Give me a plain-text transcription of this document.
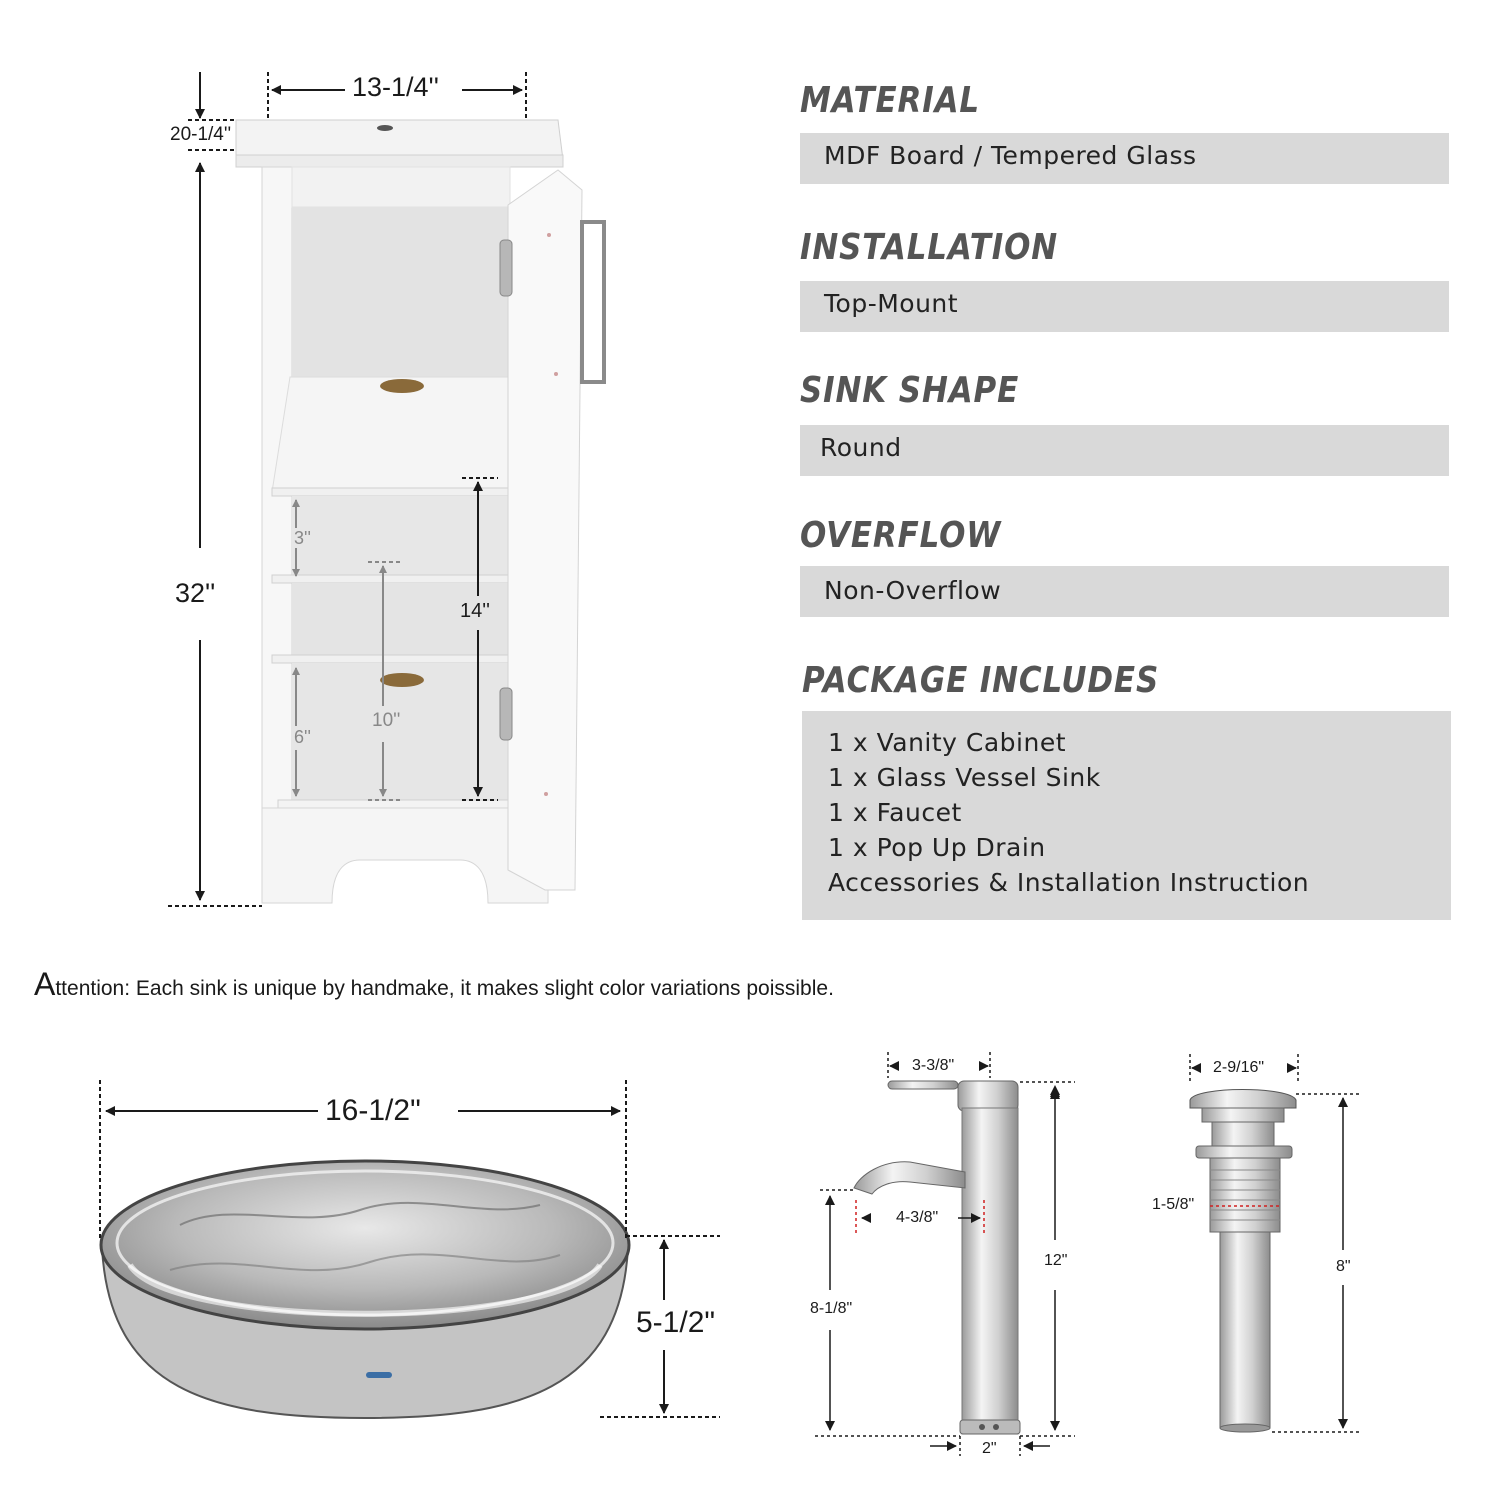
13-1/4''
20-1/4''
32''
3''
14''
10''
6''
MATERIAL
MDF Board / Tempered Glass
INSTALLATION
Top-Mount
SINK SHAPE
Round
OVERFLOW
Non-Overflow
PACKAGE INCLUDES
1 x Vanity Cabinet
1 x Glass Vessel Sink
1 x Faucet
1 x Pop Up Drain
Accessories & Installation Instruction
Attention: Each sink is unique by handmake, it makes slight color variations poissible.
16-1/2"
5-1/2"
3-3/8"
4-3/8"
12"
8-1/8"
2"
2-9/16"
1-5/8"
8"
